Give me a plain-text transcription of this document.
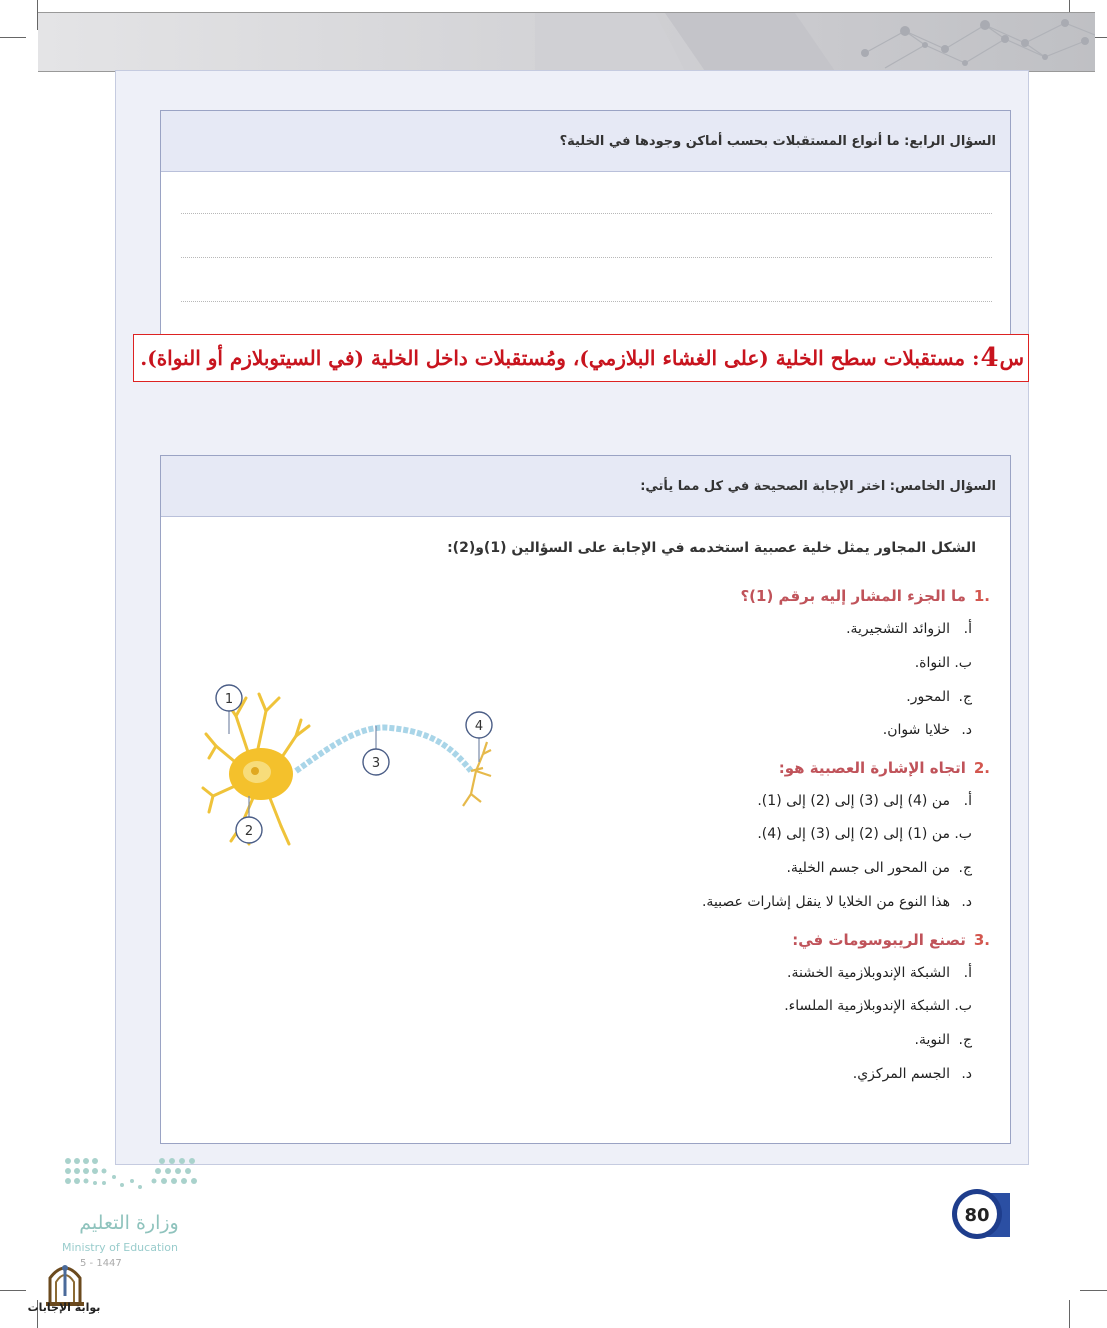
السؤال الرابع: ما أنواع المستقبلات بحسب أماكن وجودها في الخلية؟
س
4
: مستقبلات سطح الخلية (على الغشاء البلازمي)، ومُستقبلات داخل الخلية (في السيتوبلازم أو النواة).
السؤال الخامس: اختر الإجابة الصحيحة في كل مما يأتي:
الشكل المجاور يمثل خلية عصبية استخدمه في الإجابة على السؤالين (1)و(2):
.1ما الجزء المشار إليه برقم (1)؟
أ.الزوائد التشجيرية.
ب.النواة.
ج.المحور.
د.خلايا شوان.
.2اتجاه الإشارة العصبية هو:
أ.من (4) إلى (3) إلى (2) إلى (1).
ب.من (1) إلى (2) إلى (3) إلى (4).
ج.من المحور الى جسم الخلية.
د.هذا النوع من الخلايا لا ينقل إشارات عصبية.
.3تصنع الريبوسومات في:
أ.الشبكة الإندوبلازمية الخشنة.
ب.الشبكة الإندوبلازمية الملساء.
ج.النوية.
د.الجسم المركزي.
1
2
3
4
80
وزارة التعليم
Ministry of Education
5 - 1447
بوابة الإجابات
